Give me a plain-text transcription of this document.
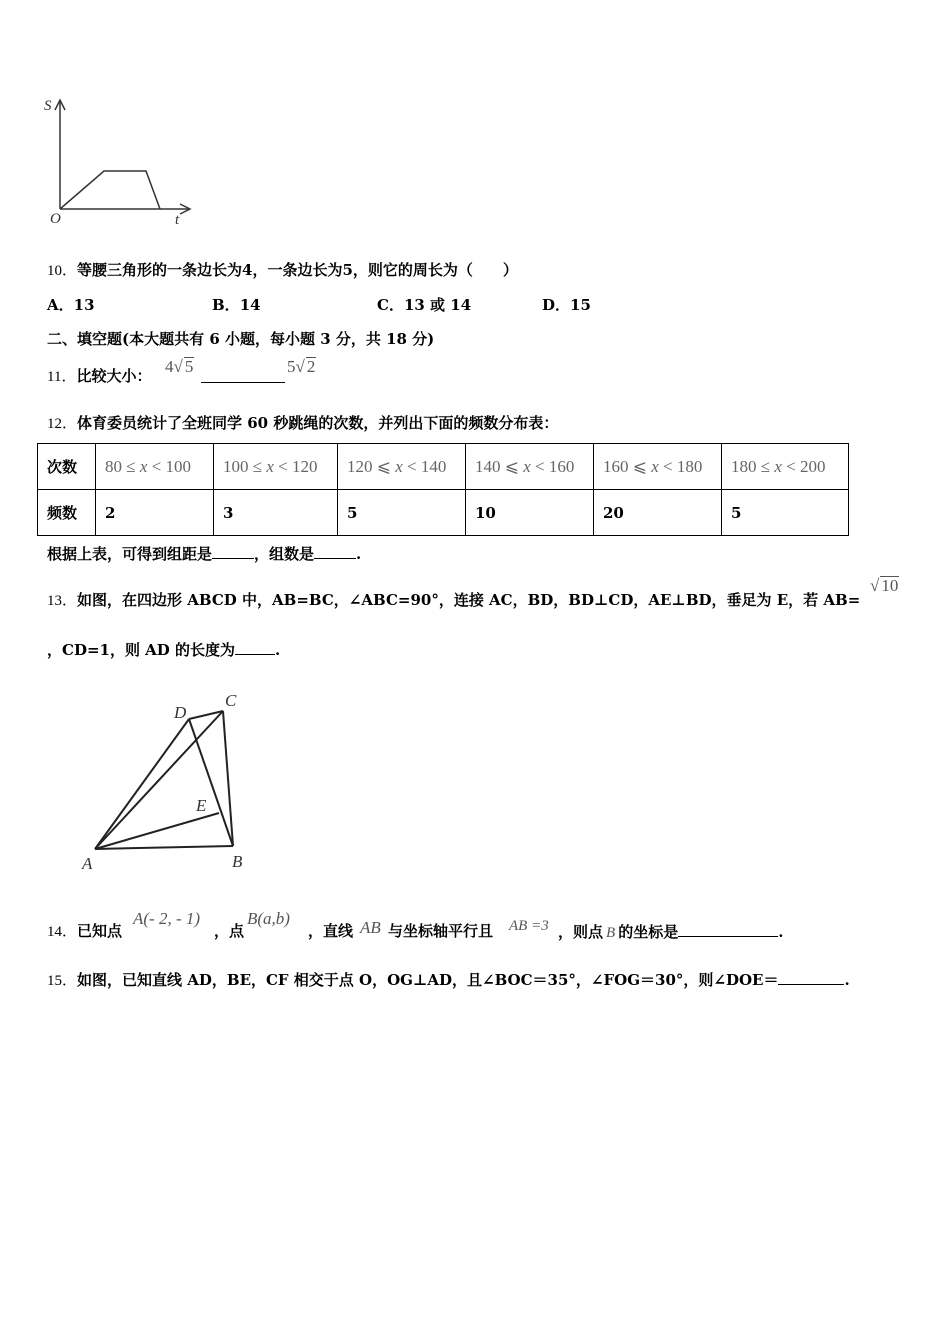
S
O	t
10．等腰三角形的一条边长为4，一条边长为5，则它的周长为（　　）
A．13	B．14	C．13 或 14	D．15
二、填空题(本大题共有 6 小题，每小题 3 分，共 18 分)
11．比较大小： 4√ 5	5√ 2
12．体育委员统计了全班同学 60 秒跳绳的次数，并列出下面的频数分布表：
次数	80 ≤ x < 100	100 ≤ x < 120	120 ⩽ x < 140	140 ⩽ x < 160	160 ⩽ x < 180	180 ≤ x < 200
频数	2	3	5	10	20	5
根据上表，可得到组距是	，组数是	.
13．如图，在四边形 ABCD 中，AB=BC，∠ABC=90°，连接 AC，BD，BD⊥CD，AE⊥BD，垂足为 E，若 AB=
√ 10
，CD=1，则 AD 的长度为	.
A	B
C
D
E
14．已知点
A(- 2, - 1)
，点
B(a,b)
，直线 AB 与坐标轴平行且 AB =3 ，则点 B 的坐标是	.
15．如图，已知直线 AD，BE，CF 相交于点 O，OG⊥AD，且∠BOC＝35°，∠FOG＝30°，则∠DOE＝	.
